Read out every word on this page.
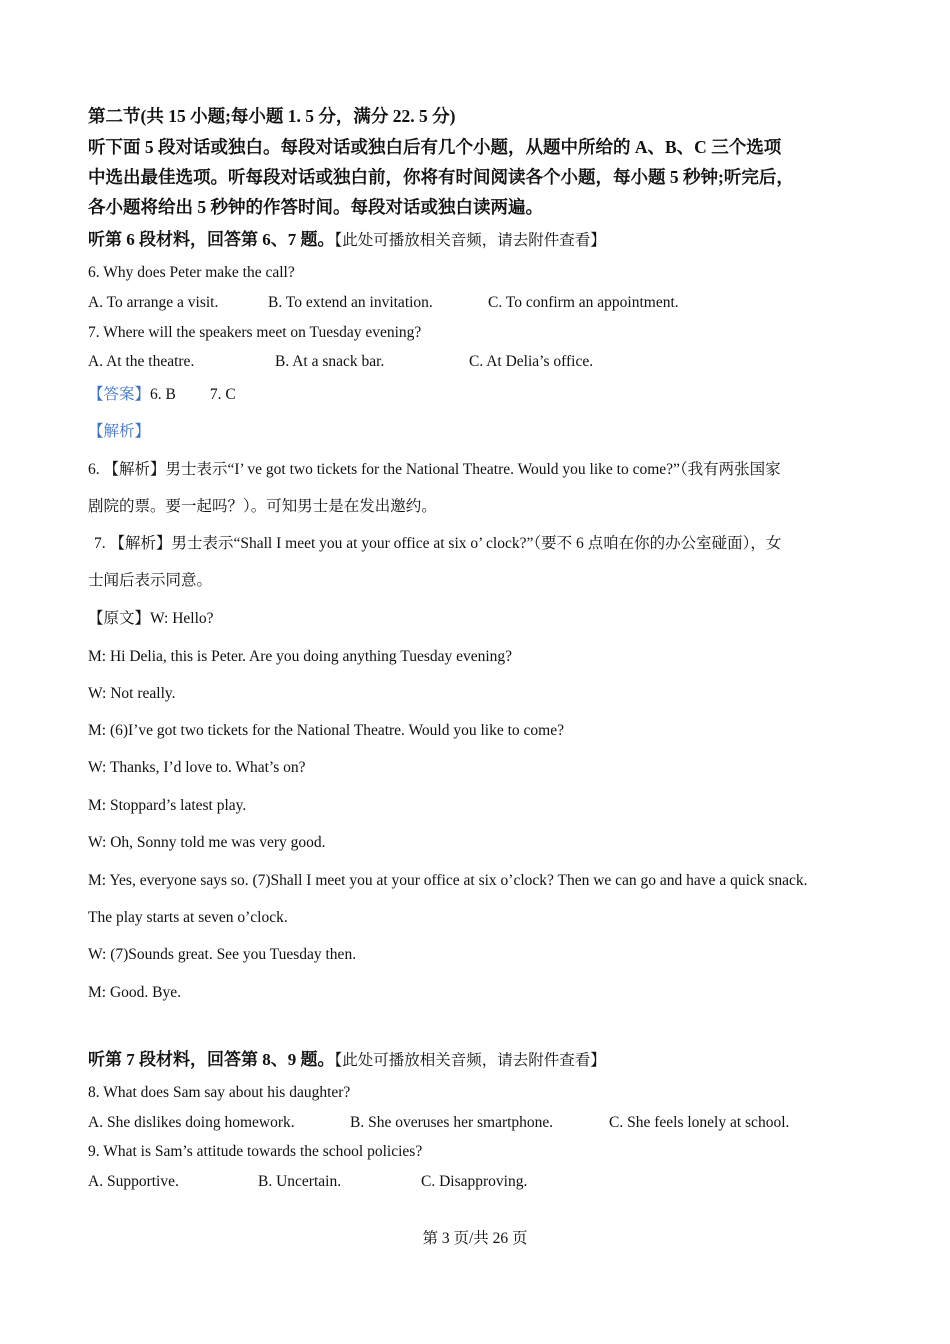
第二节(共 15 小题;每小题 1. 5 分，满分 22. 5 分)
听下面 5 段对话或独白。每段对话或独白后有几个小题，从题中所给的 A、B、C 三个选项
中选出最佳选项。听每段对话或独白前，你将有时间阅读各个小题，每小题 5 秒钟;听完后，
各小题将给出 5 秒钟的作答时间。每段对话或独白读两遍。
听第 6 段材料，回答第 6、7 题。【此处可播放相关音频，请去附件查看】
6. Why does Peter make the call?
A. To arrange a visit.	B. To extend an invitation.	C. To confirm an appointment.
7. Where will the speakers meet on Tuesday evening?
A. At the theatre.	B. At a snack bar.	C. At Delia’s office.
【答案】6. B 7. C
【解析】
6. 【解析】男士表示“I’ ve got two tickets for the National Theatre. Would you like to come?”（我有两张国家
剧院的票。要一起吗？）。可知男士是在发出邀约。
7. 【解析】男士表示“Shall I meet you at your office at six o’ clock?”（要不 6 点咱在你的办公室碰面），女
士闻后表示同意。
【原文】W: Hello?
M: Hi Delia, this is Peter. Are you doing anything Tuesday evening?
W: Not really.
M: (6)I’ve got two tickets for the National Theatre. Would you like to come?
W: Thanks, I’d love to. What’s on?
M: Stoppard’s latest play.
W: Oh, Sonny told me was very good.
M: Yes, everyone says so. (7)Shall I meet you at your office at six o’clock? Then we can go and have a quick snack.
The play starts at seven o’clock.
W: (7)Sounds great. See you Tuesday then.
M: Good. Bye.
听第 7 段材料，回答第 8、9 题。【此处可播放相关音频，请去附件查看】
8. What does Sam say about his daughter?
A. She dislikes doing homework.	B. She overuses her smartphone.	C. She feels lonely at school.
9. What is Sam’s attitude towards the school policies?
A. Supportive.	B. Uncertain.	C. Disapproving.
第 3 页/共 26 页
